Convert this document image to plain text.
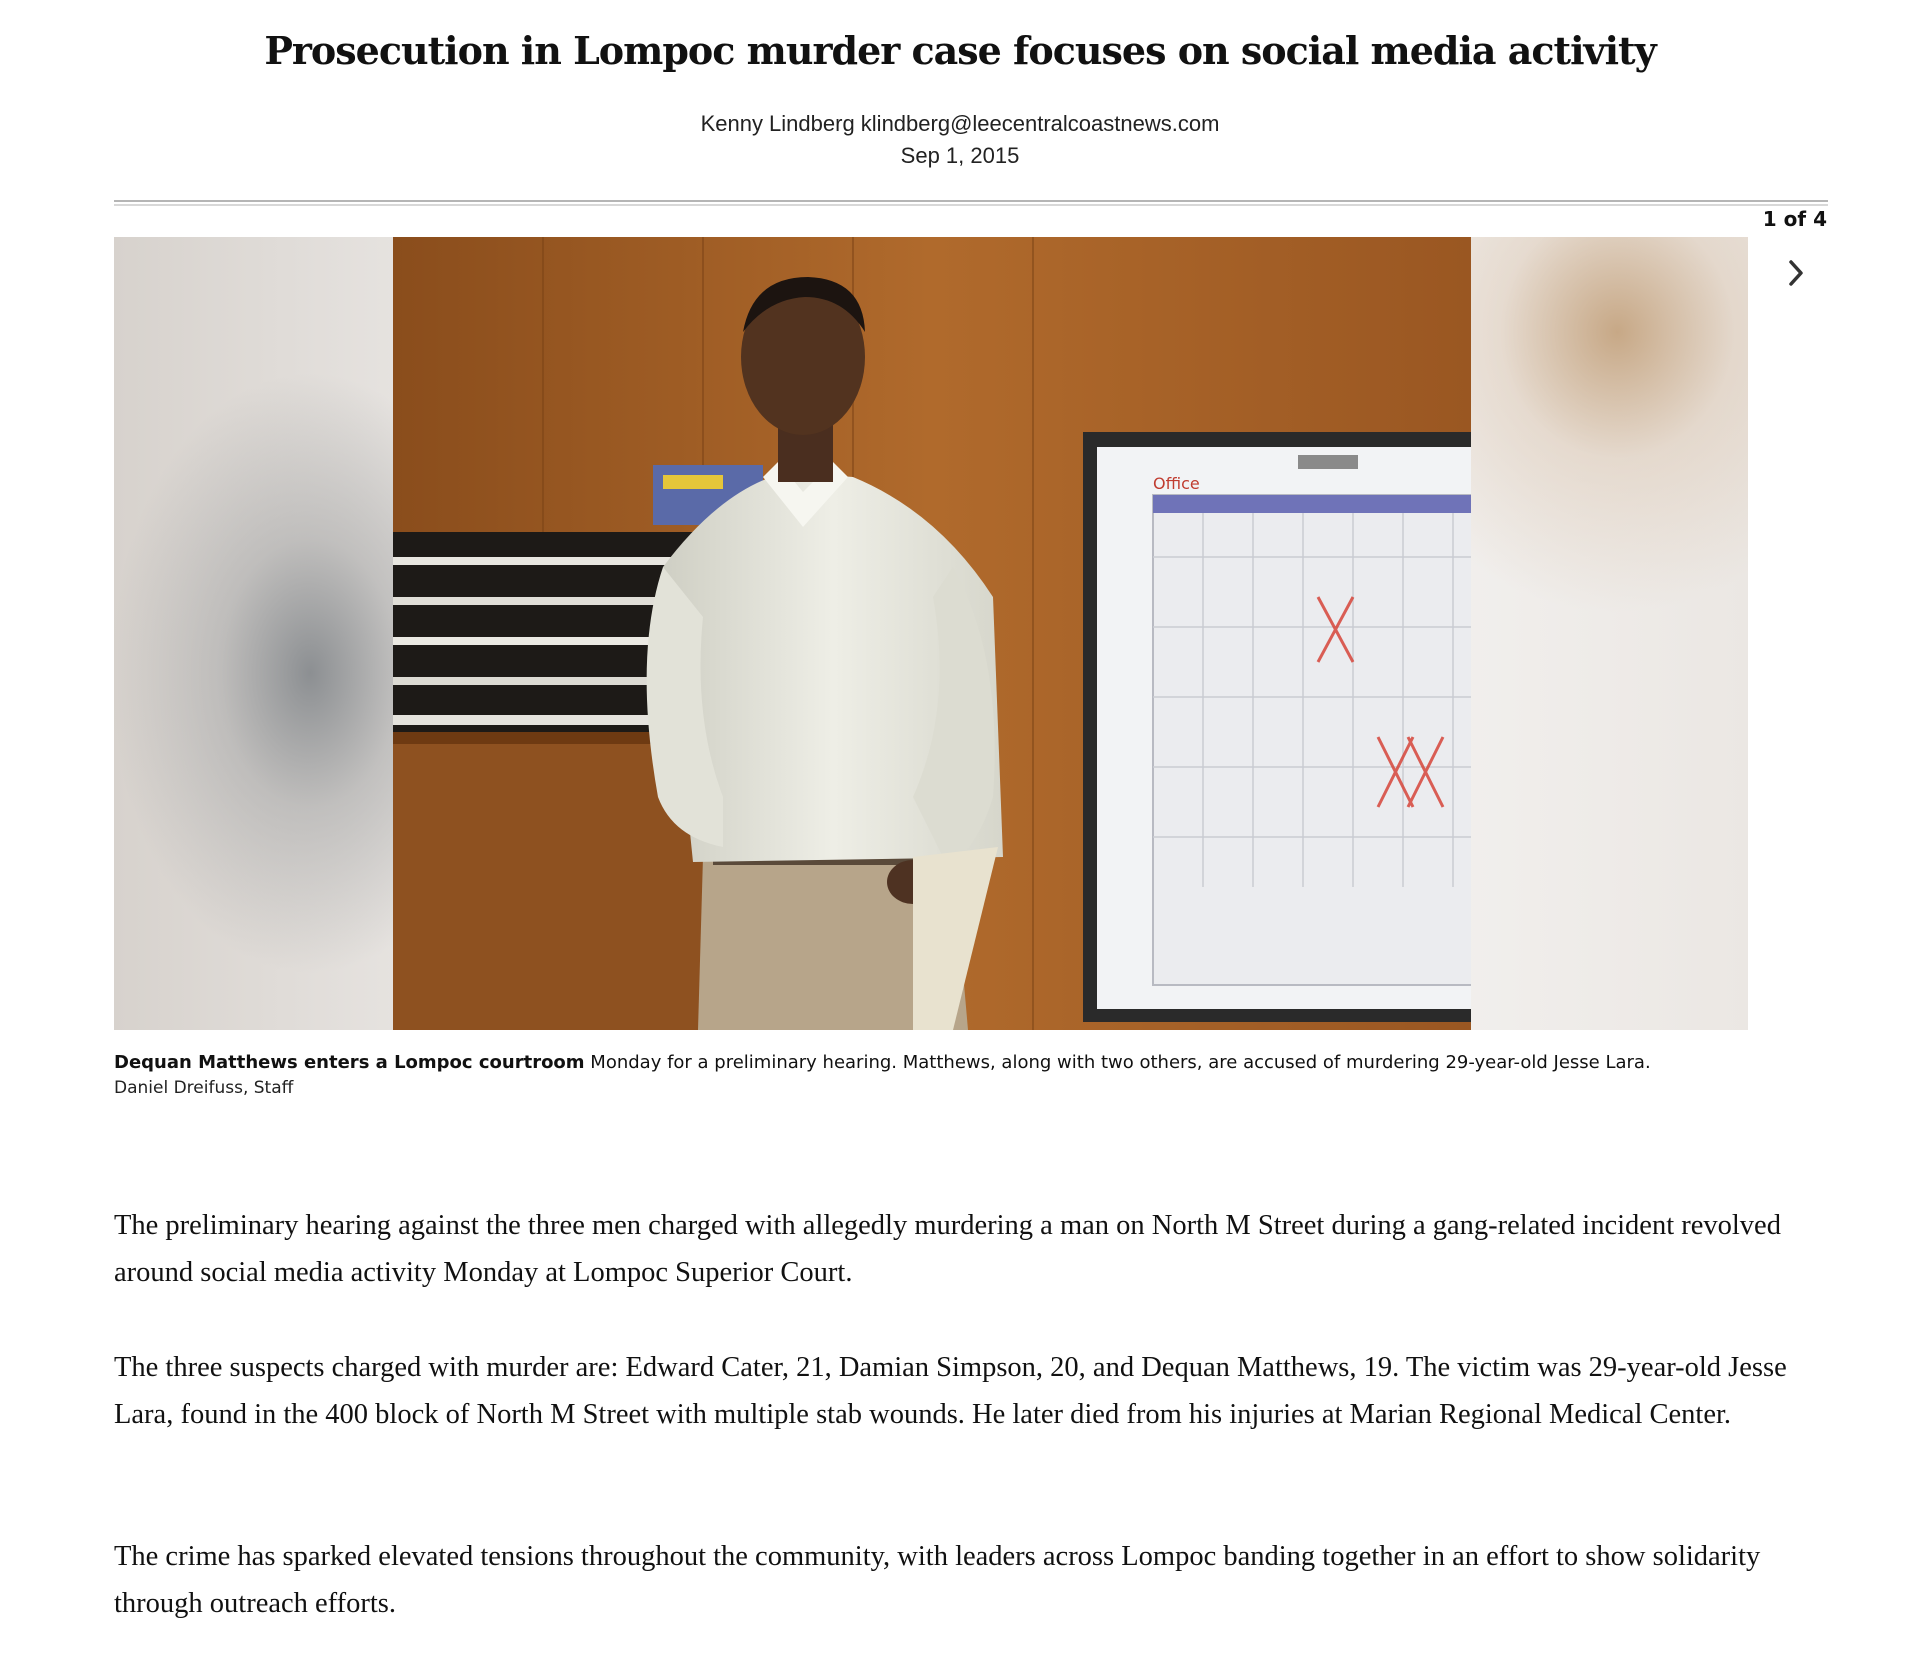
Prosecution in Lompoc murder case focuses on social media activity
Kenny Lindberg klindberg@leecentralcoastnews.com
Sep 1, 2015
1 of 4
Office
Dequan Matthews enters a Lompoc courtroom Monday for a preliminary hearing. Matthews, along with two others, are accused of murdering 29-year-old Jesse Lara.
Daniel Dreifuss, Staff

The preliminary hearing against the three men charged with allegedly murdering a man on North M Street during a gang-related incident revolved around social media activity Monday at Lompoc Superior Court.

The three suspects charged with murder are: Edward Cater, 21, Damian Simpson, 20, and Dequan Matthews, 19. The victim was 29-year-old Jesse Lara, found in the 400 block of North M Street with multiple stab wounds. He later died from his injuries at Marian Regional Medical Center.

The crime has sparked elevated tensions throughout the community, with leaders across Lompoc banding together in an effort to show solidarity through outreach efforts.
